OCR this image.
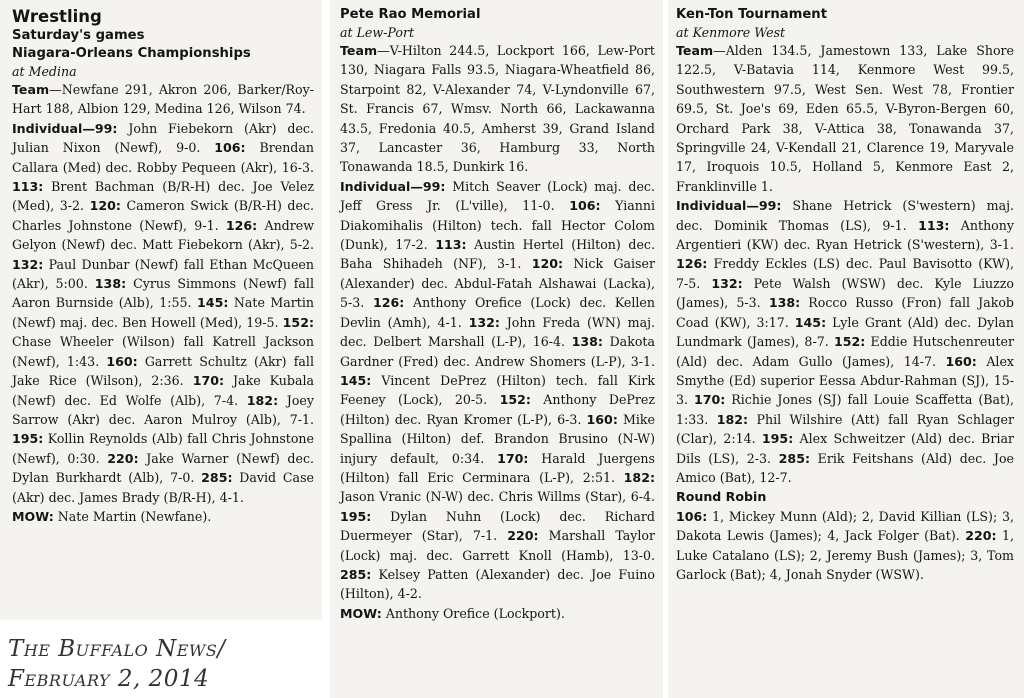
Wrestling
Saturday's games
Niagara-Orleans Championships
at Medina

Team—Newfane 291, Akron 206, Barker/Roy-Hart 188, Albion 129, Medina 126, Wilson 74.

Individual—99: John Fiebekorn (Akr) dec. Julian Nixon (Newf), 9-0. 106: Brendan Callara (Med) dec. Robby Pequeen (Akr), 16-3. 113: Brent Bachman (B/R-H) dec. Joe Velez (Med), 3-2. 120: Cameron Swick (B/R-H) dec. Charles Johnstone (Newf), 9-1. 126: Andrew Gelyon (Newf) dec. Matt Fiebekorn (Akr), 5-2. 132: Paul Dunbar (Newf) fall Ethan McQueen (Akr), 5:00. 138: Cyrus Simmons (Newf) fall Aaron Burnside (Alb), 1:55. 145: Nate Martin (Newf) maj. dec. Ben Howell (Med), 19-5. 152: Chase Wheeler (Wilson) fall Katrell Jackson (Newf), 1:43. 160: Garrett Schultz (Akr) fall Jake Rice (Wilson), 2:36. 170: Jake Kubala (Newf) dec. Ed Wolfe (Alb), 7-4. 182: Joey Sarrow (Akr) dec. Aaron Mulroy (Alb), 7-1. 195: Kollin Reynolds (Alb) fall Chris Johnstone (Newf), 0:30. 220: Jake Warner (Newf) dec. Dylan Burkhardt (Alb), 7-0. 285: David Case (Akr) dec. James Brady (B/R-H), 4-1.

MOW: Nate Martin (Newfane).

The Buffalo News/
February 2, 2014
Pete Rao Memorial
at Lew-Port

Team—V-Hilton 244.5, Lockport 166, Lew-Port 130, Niagara Falls 93.5, Niagara-Wheatfield 86, Starpoint 82, V-Alexander 74, V-Lyndonville 67, St. Francis 67, Wmsv. North 66, Lackawanna 43.5, Fredonia 40.5, Amherst 39, Grand Island 37, Lancaster 36, Hamburg 33, North Tonawanda 18.5, Dunkirk 16.

Individual—99: Mitch Seaver (Lock) maj. dec. Jeff Gress Jr. (L'ville), 11-0. 106: Yianni Diakomihalis (Hilton) tech. fall Hector Colom (Dunk), 17-2. 113: Austin Hertel (Hilton) dec. Baha Shihadeh (NF), 3-1. 120: Nick Gaiser (Alexander) dec. Abdul-Fatah Alshawai (Lacka), 5-3. 126: Anthony Orefice (Lock) dec. Kellen Devlin (Amh), 4-1. 132: John Freda (WN) maj. dec. Delbert Marshall (L-P), 16-4. 138: Dakota Gardner (Fred) dec. Andrew Shomers (L-P), 3-1. 145: Vincent DePrez (Hilton) tech. fall Kirk Feeney (Lock), 20-5. 152: Anthony DePrez (Hilton) dec. Ryan Kromer (L-P), 6-3. 160: Mike Spallina (Hilton) def. Brandon Brusino (N-W) injury default, 0:34. 170: Harald Juergens (Hilton) fall Eric Cerminara (L-P), 2:51. 182: Jason Vranic (N-W) dec. Chris Willms (Star), 6-4. 195: Dylan Nuhn (Lock) dec. Richard Duermeyer (Star), 7-1. 220: Marshall Taylor (Lock) maj. dec. Garrett Knoll (Hamb), 13-0. 285: Kelsey Patten (Alexander) dec. Joe Fuino (Hilton), 4-2.

MOW: Anthony Orefice (Lockport).

Ken-Ton Tournament
at Kenmore West

Team—Alden 134.5, Jamestown 133, Lake Shore 122.5, V-Batavia 114, Kenmore West 99.5, Southwestern 97.5, West Sen. West 78, Frontier 69.5, St. Joe's 69, Eden 65.5, V-Byron-Bergen 60, Orchard Park 38, V-Attica 38, Tonawanda 37, Springville 24, V-Kendall 21, Clarence 19, Maryvale 17, Iroquois 10.5, Holland 5, Kenmore East 2, Franklinville 1.

Individual—99: Shane Hetrick (S'western) maj. dec. Dominik Thomas (LS), 9-1. 113: Anthony Argentieri (KW) dec. Ryan Hetrick (S'western), 3-1. 126: Freddy Eckles (LS) dec. Paul Bavisotto (KW), 7-5. 132: Pete Walsh (WSW) dec. Kyle Liuzzo (James), 5-3. 138: Rocco Russo (Fron) fall Jakob Coad (KW), 3:17. 145: Lyle Grant (Ald) dec. Dylan Lundmark (James), 8-7. 152: Eddie Hutschenreuter (Ald) dec. Adam Gullo (James), 14-7. 160: Alex Smythe (Ed) superior Eessa Abdur-Rahman (SJ), 15-3. 170: Richie Jones (SJ) fall Louie Scaffetta (Bat), 1:33. 182: Phil Wilshire (Att) fall Ryan Schlager (Clar), 2:14. 195: Alex Schweitzer (Ald) dec. Briar Dils (LS), 2-3. 285: Erik Feitshans (Ald) dec. Joe Amico (Bat), 12-7.

Round Robin

106: 1, Mickey Munn (Ald); 2, David Killian (LS); 3, Dakota Lewis (James); 4, Jack Folger (Bat). 220: 1, Luke Catalano (LS); 2, Jeremy Bush (James); 3, Tom Garlock (Bat); 4, Jonah Snyder (WSW).
